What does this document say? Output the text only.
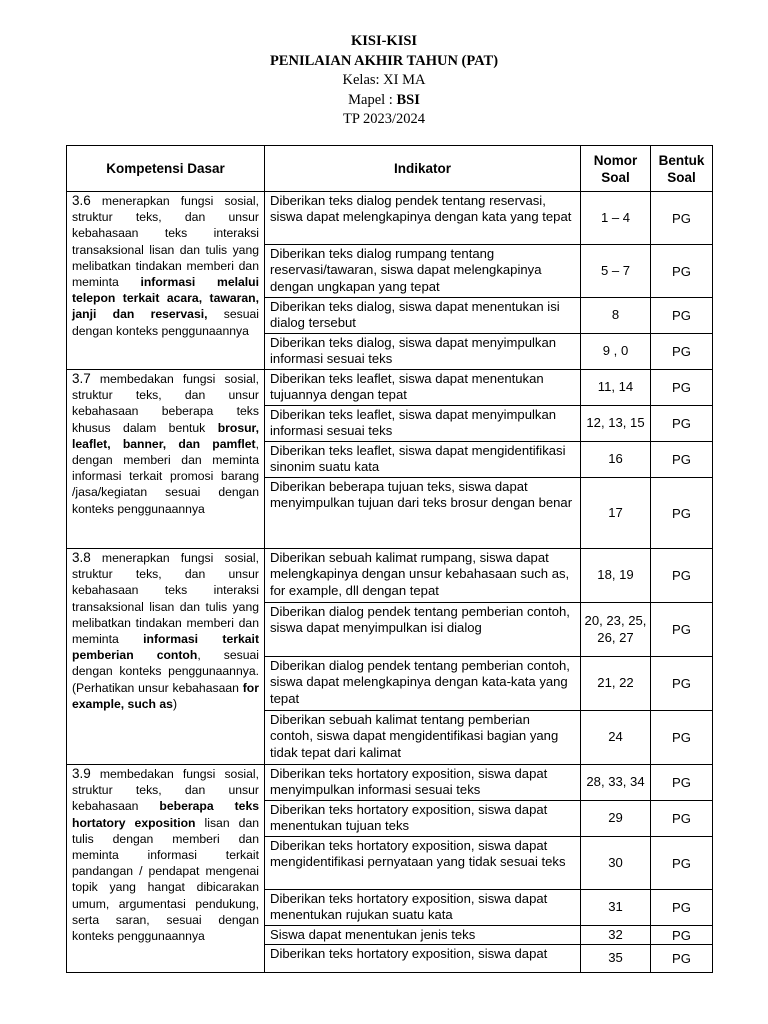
KISI-KISI
PENILAIAN AKHIR TAHUN (PAT)
Kelas: XI MA
Mapel : BSI
TP 2023/2024
Kompetensi Dasar	Indikator	Nomor Soal	Bentuk Soal
3.6 menerapkan fungsi sosial, struktur teks, dan unsur kebahasaan teks interaksi transaksional lisan dan tulis yang melibatkan tindakan memberi dan meminta informasi melalui telepon terkait acara, tawaran, janji dan reservasi, sesuai dengan konteks penggunaannya	Diberikan teks dialog pendek tentang reservasi, siswa dapat melengkapinya dengan kata yang tepat	1 – 4	PG
	Diberikan teks dialog rumpang tentang reservasi/tawaran, siswa dapat melengkapinya dengan ungkapan yang tepat	5 – 7	PG
	Diberikan teks dialog, siswa dapat menentukan isi dialog tersebut	8	PG
	Diberikan teks dialog, siswa dapat menyimpulkan informasi sesuai teks	9 , 0	PG
3.7 membedakan fungsi sosial, struktur teks, dan unsur kebahasaan beberapa teks khusus dalam bentuk brosur, leaflet, banner, dan pamflet, dengan memberi dan meminta informasi terkait promosi barang /jasa/kegiatan sesuai dengan konteks penggunaannya	Diberikan teks leaflet, siswa dapat menentukan tujuannya dengan tepat	11, 14	PG
	Diberikan teks leaflet, siswa dapat menyimpulkan informasi sesuai teks	12, 13, 15	PG
	Diberikan teks leaflet, siswa dapat mengidentifikasi sinonim suatu kata	16	PG
	Diberikan beberapa tujuan teks, siswa dapat menyimpulkan tujuan dari teks brosur dengan benar	17	PG
3.8 menerapkan fungsi sosial, struktur teks, dan unsur kebahasaan teks interaksi transaksional lisan dan tulis yang melibatkan tindakan memberi dan meminta informasi terkait pemberian contoh, sesuai dengan konteks penggunaannya. (Perhatikan unsur kebahasaan for example, such as)	Diberikan sebuah kalimat rumpang, siswa dapat melengkapinya dengan unsur kebahasaan such as, for example, dll dengan tepat	18, 19	PG
	Diberikan dialog pendek tentang pemberian contoh, siswa dapat menyimpulkan isi dialog	20, 23, 25, 26, 27	PG
	Diberikan dialog pendek tentang pemberian contoh, siswa dapat melengkapinya dengan kata-kata yang tepat	21, 22	PG
	Diberikan sebuah kalimat tentang pemberian contoh, siswa dapat mengidentifikasi bagian yang tidak tepat dari kalimat	24	PG
3.9 membedakan fungsi sosial, struktur teks, dan unsur kebahasaan beberapa teks hortatory exposition lisan dan tulis dengan memberi dan meminta informasi terkait pandangan / pendapat mengenai topik yang hangat dibicarakan umum, argumentasi pendukung, serta saran, sesuai dengan konteks penggunaannya	Diberikan teks hortatory exposition, siswa dapat menyimpulkan informasi sesuai teks	28, 33, 34	PG
	Diberikan teks hortatory exposition, siswa dapat menentukan tujuan teks	29	PG
	Diberikan teks hortatory exposition, siswa dapat mengidentifikasi pernyataan yang tidak sesuai teks	30	PG
	Diberikan teks hortatory exposition, siswa dapat menentukan rujukan suatu kata	31	PG
	Siswa dapat menentukan jenis teks	32	PG
	Diberikan teks hortatory exposition, siswa dapat	35	PG
